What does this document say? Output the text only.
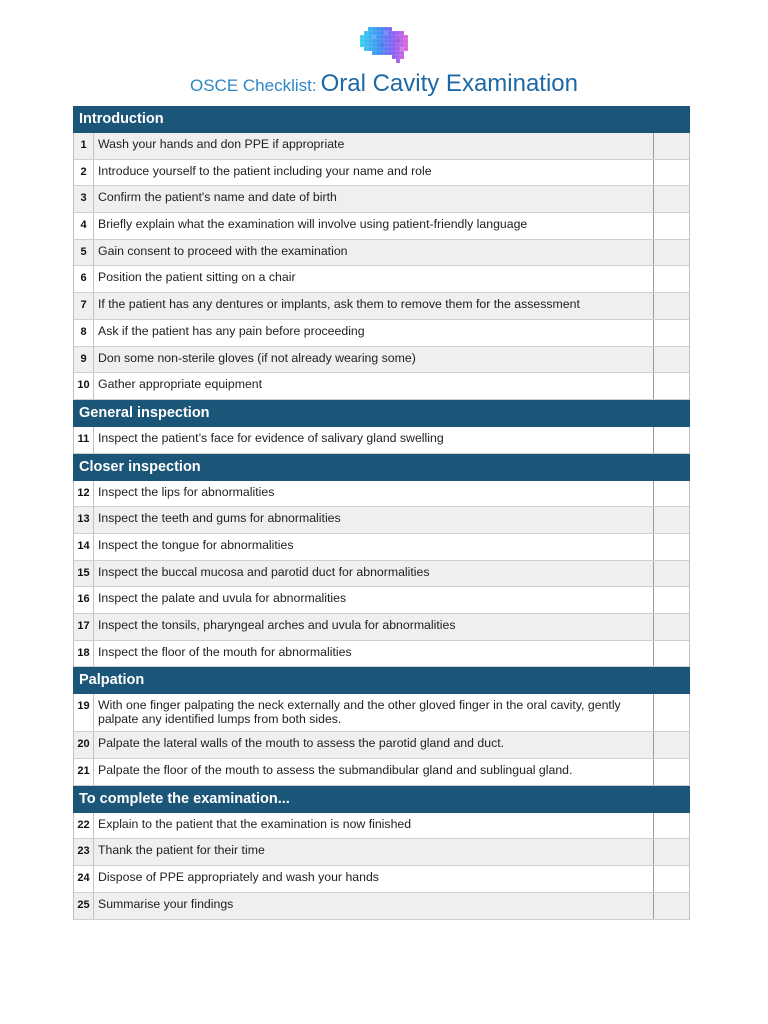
OSCE Checklist: Oral Cavity Examination
Introduction
1 Wash your hands and don PPE if appropriate
2 Introduce yourself to the patient including your name and role
3 Confirm the patient's name and date of birth
4 Briefly explain what the examination will involve using patient-friendly language
5 Gain consent to proceed with the examination
6 Position the patient sitting on a chair
7 If the patient has any dentures or implants, ask them to remove them for the assessment
8 Ask if the patient has any pain before proceeding
9 Don some non-sterile gloves (if not already wearing some)
10 Gather appropriate equipment
General inspection
11 Inspect the patient’s face for evidence of salivary gland swelling
Closer inspection
12 Inspect the lips for abnormalities
13 Inspect the teeth and gums for abnormalities
14 Inspect the tongue for abnormalities
15 Inspect the buccal mucosa and parotid duct for abnormalities
16 Inspect the palate and uvula for abnormalities
17 Inspect the tonsils, pharyngeal arches and uvula for abnormalities
18 Inspect the floor of the mouth for abnormalities
Palpation
19 With one finger palpating the neck externally and the other gloved finger in the oral cavity, gently palpate any identified lumps from both sides.
20 Palpate the lateral walls of the mouth to assess the parotid gland and duct.
21 Palpate the floor of the mouth to assess the submandibular gland and sublingual gland.
To complete the examination...
22 Explain to the patient that the examination is now finished
23 Thank the patient for their time
24 Dispose of PPE appropriately and wash your hands
25 Summarise your findings
